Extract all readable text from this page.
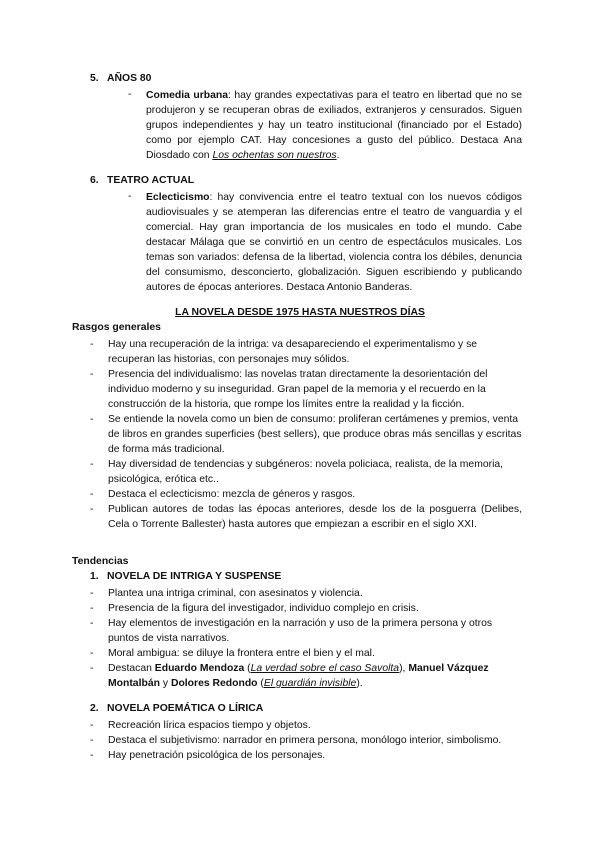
5. AÑOS 80
- Comedia urbana: hay grandes expectativas para el teatro en libertad que no se produjeron y se recuperan obras de exiliados, extranjeros y censurados. Siguen grupos independientes y hay un teatro institucional (financiado por el Estado) como por ejemplo CAT. Hay concesiones a gusto del público. Destaca Ana Diosdado con Los ochentas son nuestros.
6. TEATRO ACTUAL
- Eclecticismo: hay convivencia entre el teatro textual con los nuevos códigos audiovisuales y se atemperan las diferencias entre el teatro de vanguardia y el comercial. Hay gran importancia de los musicales en todo el mundo. Cabe destacar Málaga que se convirtió en un centro de espectáculos musicales. Los temas son variados: defensa de la libertad, violencia contra los débiles, denuncia del consumismo, desconcierto, globalización. Siguen escribiendo y publicando autores de épocas anteriores. Destaca Antonio Banderas.
LA NOVELA DESDE 1975 HASTA NUESTROS DÍAS
Rasgos generales
- Hay una recuperación de la intriga: va desapareciendo el experimentalismo y se recuperan las historias, con personajes muy sólidos.
- Presencia del individualismo: las novelas tratan directamente la desorientación del individuo moderno y su inseguridad. Gran papel de la memoria y el recuerdo en la construcción de la historia, que rompe los límites entre la realidad y la ficción.
- Se entiende la novela como un bien de consumo: proliferan certámenes y premios, venta de libros en grandes superficies (best sellers), que produce obras más sencillas y escritas de forma más tradicional.
- Hay diversidad de tendencias y subgéneros: novela policiaca, realista, de la memoria, psicológica, erótica etc..
- Destaca el eclecticismo: mezcla de géneros y rasgos.
- Publican autores de todas las épocas anteriores, desde los de la posguerra (Delibes, Cela o Torrente Ballester) hasta autores que empiezan a escribir en el siglo XXI.
Tendencias
1. NOVELA DE INTRIGA Y SUSPENSE
- Plantea una intriga criminal, con asesinatos y violencia.
- Presencia de la figura del investigador, individuo complejo en crisis.
- Hay elementos de investigación en la narración y uso de la primera persona y otros puntos de vista narrativos.
- Moral ambigua: se diluye la frontera entre el bien y el mal.
- Destacan Eduardo Mendoza (La verdad sobre el caso Savolta), Manuel Vázquez Montalbán y Dolores Redondo (El guardián invisible).
2. NOVELA POEMÁTICA O LÍRICA
- Recreación lírica espacios tiempo y objetos.
- Destaca el subjetivismo: narrador en primera persona, monólogo interior, simbolismo.
- Hay penetración psicológica de los personajes.
